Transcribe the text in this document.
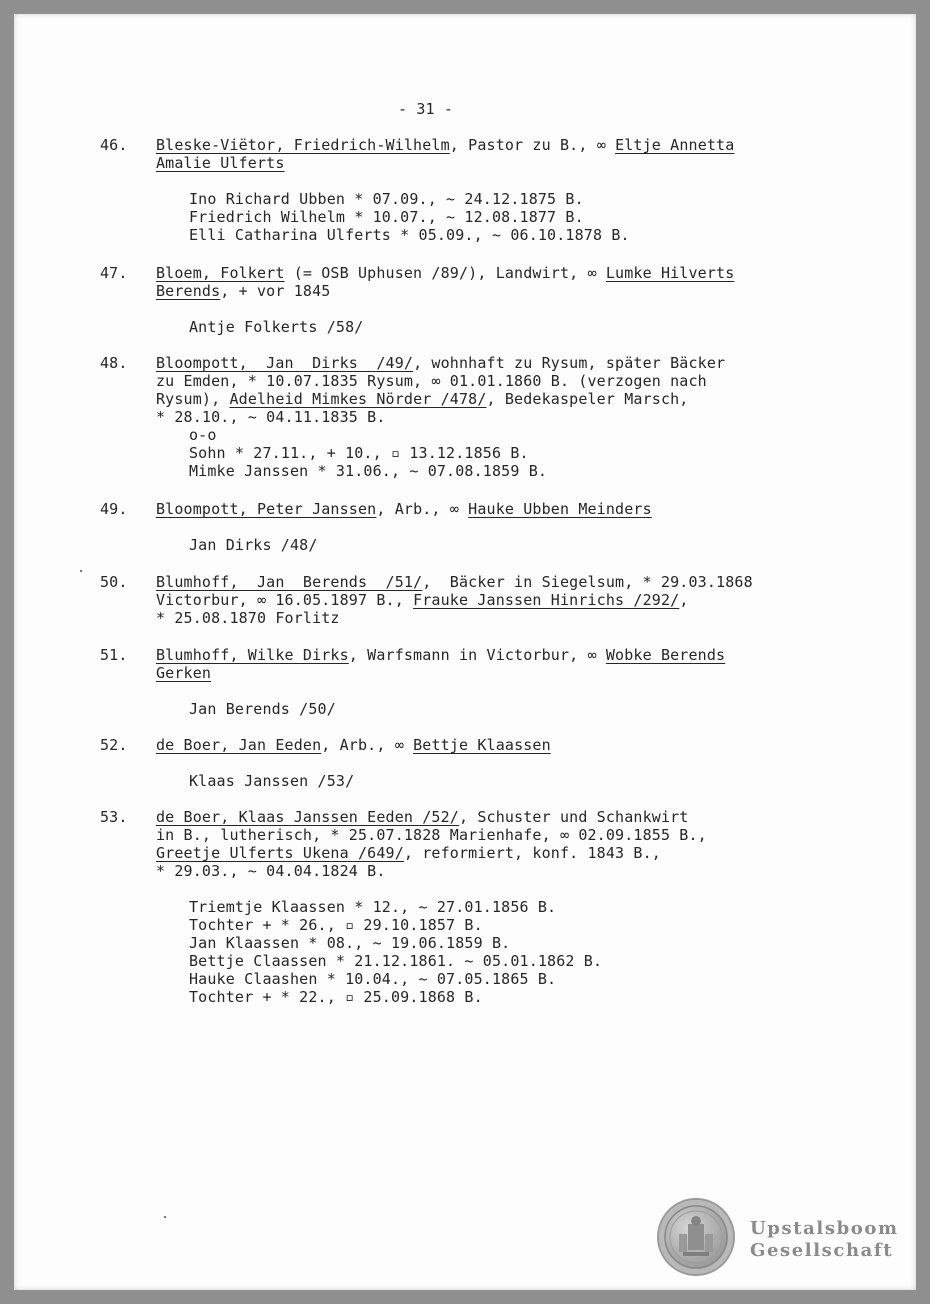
- 31 -
46. Bleske-Viëtor, Friedrich-Wilhelm, Pastor zu B., ∞ Eltje Annetta
Amalie Ulferts
Ino Richard Ubben * 07.09., ~ 24.12.1875 B.
Friedrich Wilhelm * 10.07., ~ 12.08.1877 B.
Elli Catharina Ulferts * 05.09., ~ 06.10.1878 B.
47. Bloem, Folkert (= OSB Uphusen /89/), Landwirt, ∞ Lumke Hilverts
Berends, + vor 1845
Antje Folkerts /58/
48. Bloompott,  Jan  Dirks  /49/, wohnhaft zu Rysum, später Bäcker
zu Emden, * 10.07.1835 Rysum, ∞ 01.01.1860 B. (verzogen nach
Rysum), Adelheid Mimkes Nörder /478/, Bedekaspeler Marsch,
* 28.10., ~ 04.11.1835 B.
o-o
Sohn * 27.11., + 10., ▫ 13.12.1856 B.
Mimke Janssen * 31.06., ~ 07.08.1859 B.
49. Bloompott, Peter Janssen, Arb., ∞ Hauke Ubben Meinders
Jan Dirks /48/
50. Blumhoff,  Jan  Berends  /51/,  Bäcker in Siegelsum, * 29.03.1868
Victorbur, ∞ 16.05.1897 B., Frauke Janssen Hinrichs /292/,
* 25.08.1870 Forlitz
51. Blumhoff, Wilke Dirks, Warfsmann in Victorbur, ∞ Wobke Berends
Gerken
Jan Berends /50/
52. de Boer, Jan Eeden, Arb., ∞ Bettje Klaassen
Klaas Janssen /53/
53. de Boer, Klaas Janssen Eeden /52/, Schuster und Schankwirt
in B., lutherisch, * 25.07.1828 Marienhafe, ∞ 02.09.1855 B.,
Greetje Ulferts Ukena /649/, reformiert, konf. 1843 B.,
* 29.03., ~ 04.04.1824 B.
Triemtje Klaassen * 12., ~ 27.01.1856 B.
Tochter + * 26., ▫ 29.10.1857 B.
Jan Klaassen * 08., ~ 19.06.1859 B.
Bettje Claassen * 21.12.1861. ~ 05.01.1862 B.
Hauke Claashen * 10.04., ~ 07.05.1865 B.
Tochter + * 22., ▫ 25.09.1868 B.
Upstalsboom
Gesellschaft
